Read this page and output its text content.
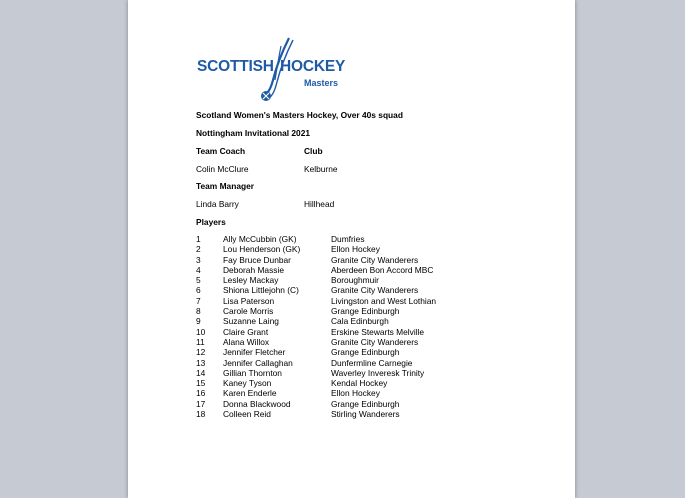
SCOTTISH HOCKEY
Masters
Scotland Women's Masters Hockey, Over 40s squad
Nottingham Invitational 2021
Team Coach	Club
Colin McClure	Kelburne
Team Manager
Linda Barry	Hillhead
Players
1	Ally McCubbin (GK)	Dumfries
2	Lou Henderson (GK)	Ellon Hockey
3	Fay Bruce Dunbar	Granite City Wanderers
4	Deborah Massie	Aberdeen Bon Accord MBC
5	Lesley Mackay	Boroughmuir
6	Shiona Littlejohn (C)	Granite City Wanderers
7	Lisa Paterson	Livingston and West Lothian
8	Carole Morris	Grange Edinburgh
9	Suzanne Laing	Cala Edinburgh
10 Claire Grant	Erskine Stewarts Melville
11 Alana Willox	Granite City Wanderers
12 Jennifer Fletcher	Grange Edinburgh
13 Jennifer Callaghan	Dunfermline Carnegie
14 Gillian Thornton	Waverley Inveresk Trinity
15 Kaney Tyson	Kendal Hockey
16 Karen Enderle	Ellon Hockey
17 Donna Blackwood	Grange Edinburgh
18 Colleen Reid	Stirling Wanderers
